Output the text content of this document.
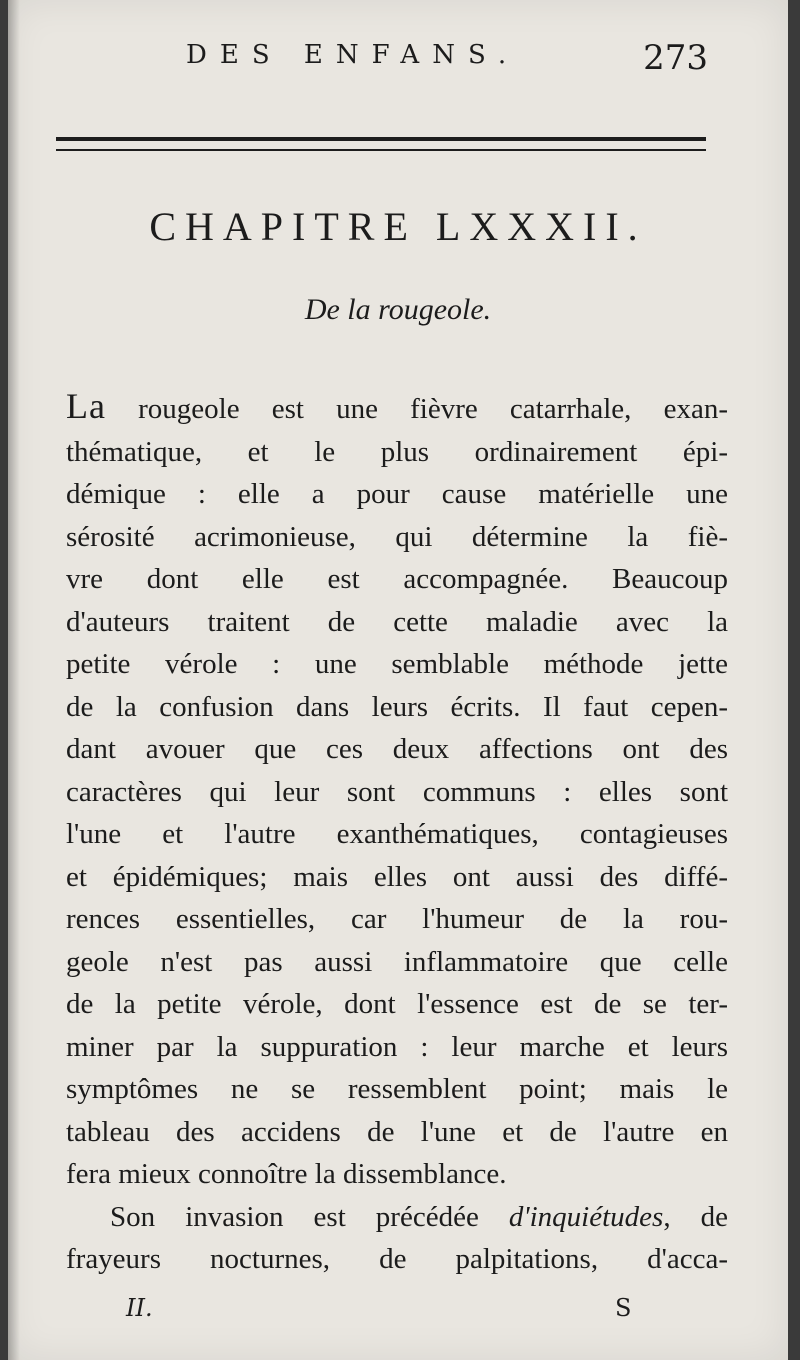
DES ENFANS.	273
CHAPITRE LXXXII.
De la rougeole.
La rougeole est une fièvre catarrhale, exan-
thématique, et le plus ordinairement épi-
démique : elle a pour cause matérielle une
sérosité acrimonieuse, qui détermine la fiè-
vre dont elle est accompagnée. Beaucoup
d'auteurs traitent de cette maladie avec la
petite vérole : une semblable méthode jette
de la confusion dans leurs écrits. Il faut cepen-
dant avouer que ces deux affections ont des
caractères qui leur sont communs : elles sont
l'une et l'autre exanthématiques, contagieuses
et épidémiques; mais elles ont aussi des diffé-
rences essentielles, car l'humeur de la rou-
geole n'est pas aussi inflammatoire que celle
de la petite vérole, dont l'essence est de se ter-
miner par la suppuration : leur marche et leurs
symptômes ne se ressemblent point; mais le
tableau des accidens de l'une et de l'autre en
fera mieux connoître la dissemblance.
Son invasion est précédée d'inquiétudes, de
frayeurs nocturnes, de palpitations, d'acca-
II.	S
